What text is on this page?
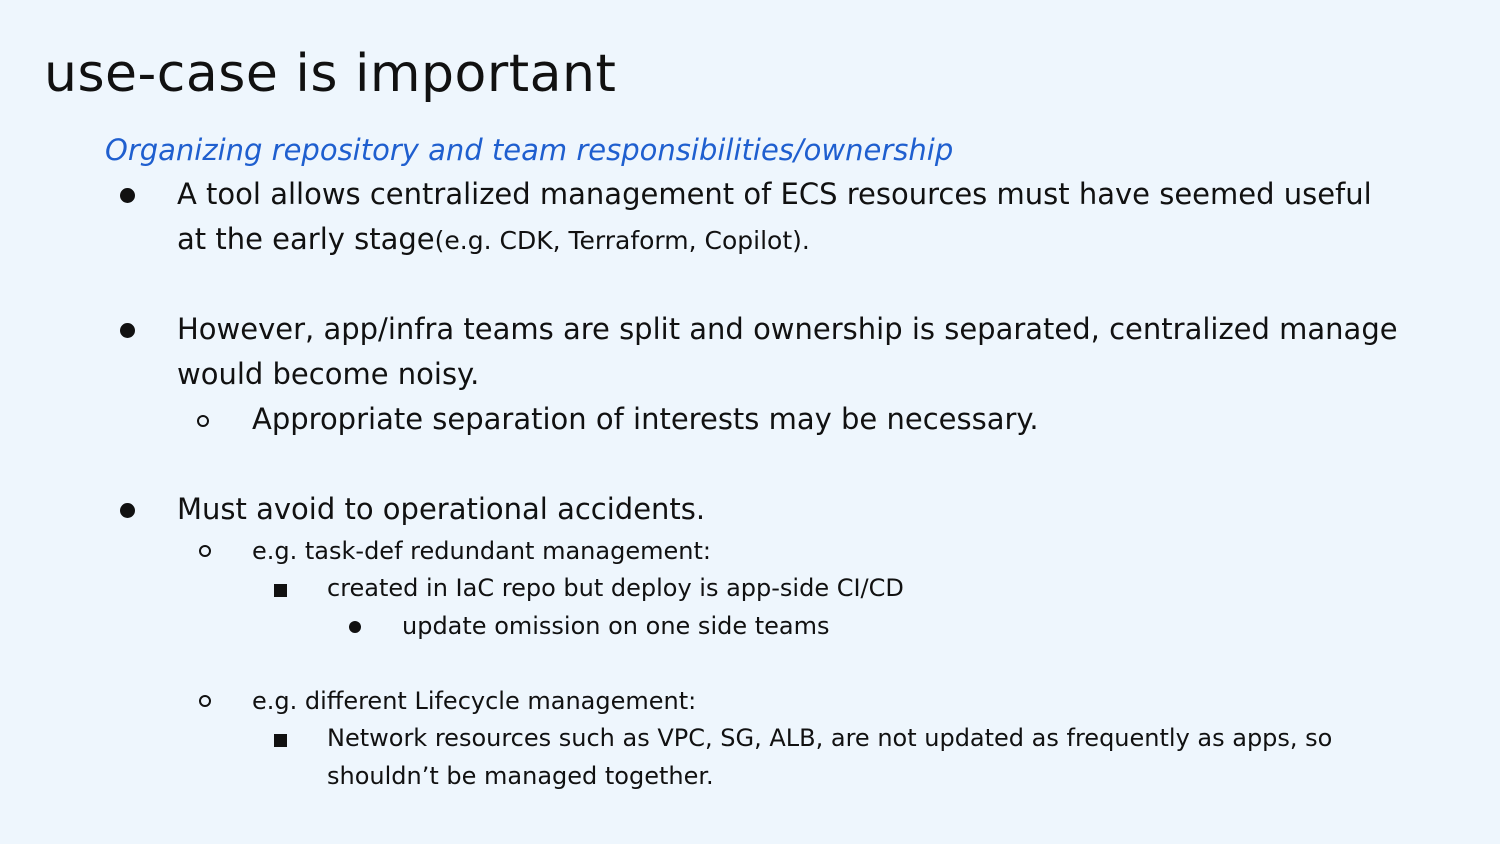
use-case is important
Organizing repository and team responsibilities/ownership
A tool allows centralized management of ECS resources must have seemed useful
at the early stage(e.g. CDK, Terraform, Copilot).
However, app/infra teams are split and ownership is separated, centralized manage
would become noisy.
Appropriate separation of interests may be necessary.
Must avoid to operational accidents.
e.g. task-def redundant management:
created in IaC repo but deploy is app-side CI/CD
update omission on one side teams
e.g. different Lifecycle management:
Network resources such as VPC, SG, ALB, are not updated as frequently as apps, so
shouldn’t be managed together.
